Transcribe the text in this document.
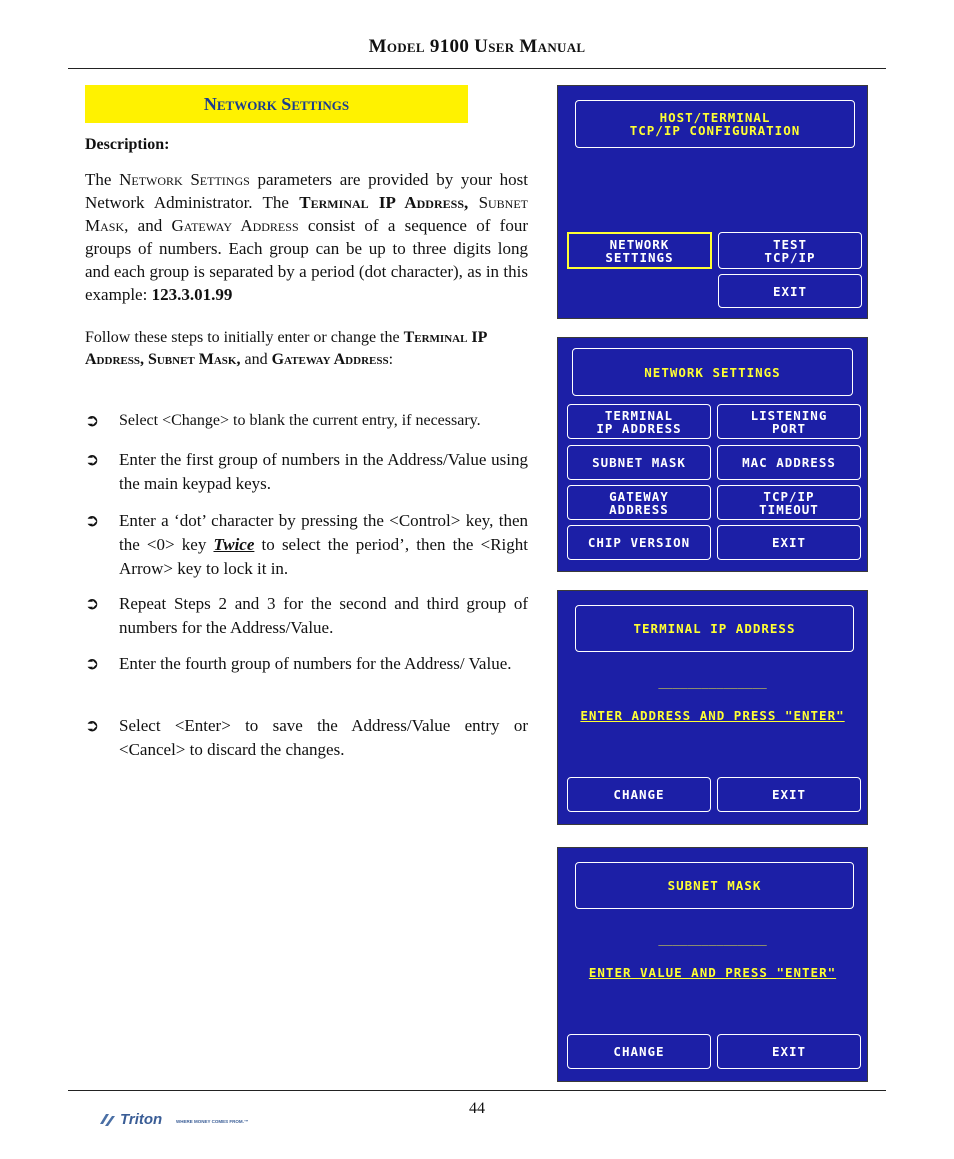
Model 9100 User Manual
Network Settings
Description:
The Network Settings parameters are provided by your host Network Administrator. The Terminal IP Address, Subnet Mask, and Gateway Address consist of a sequence of four groups of numbers. Each group can be up to three digits long and each group is separated by a period (dot character), as in this example: 123.3.01.99
Follow these steps to initially enter or change the Terminal IP Address, Subnet Mask, and Gateway Address:
➲	Select <Change> to blank the current entry, if necessary.
➲	Enter the first group of numbers in the Address/Value using the main keypad keys.
➲	Enter a ‘dot’ character by pressing the <Control> key, then the <0> key Twice to select the period’, then the <Right Arrow> key to lock it in.
➲	Repeat Steps 2 and 3 for the second and third group of numbers for the Address/Value.
➲	Enter the fourth group of numbers for the Address/ Value.
➲	Select <Enter> to save the Address/Value entry or <Cancel> to discard the changes.
HOST/TERMINAL
TCP/IP CONFIGURATION
NETWORK
SETTINGS
TEST
TCP/IP
EXIT
NETWORK SETTINGS
TERMINAL
IP ADDRESS
LISTENING
PORT
SUBNET MASK	MAC ADDRESS
GATEWAY
ADDRESS
TCP/IP
TIMEOUT
CHIP VERSION	EXIT
TERMINAL IP ADDRESS
_______________
ENTER ADDRESS AND PRESS "ENTER"
CHANGE	EXIT
SUBNET MASK
_______________
ENTER VALUE AND PRESS "ENTER"
CHANGE	EXIT
44
Triton	WHERE MONEY COMES FROM.™
